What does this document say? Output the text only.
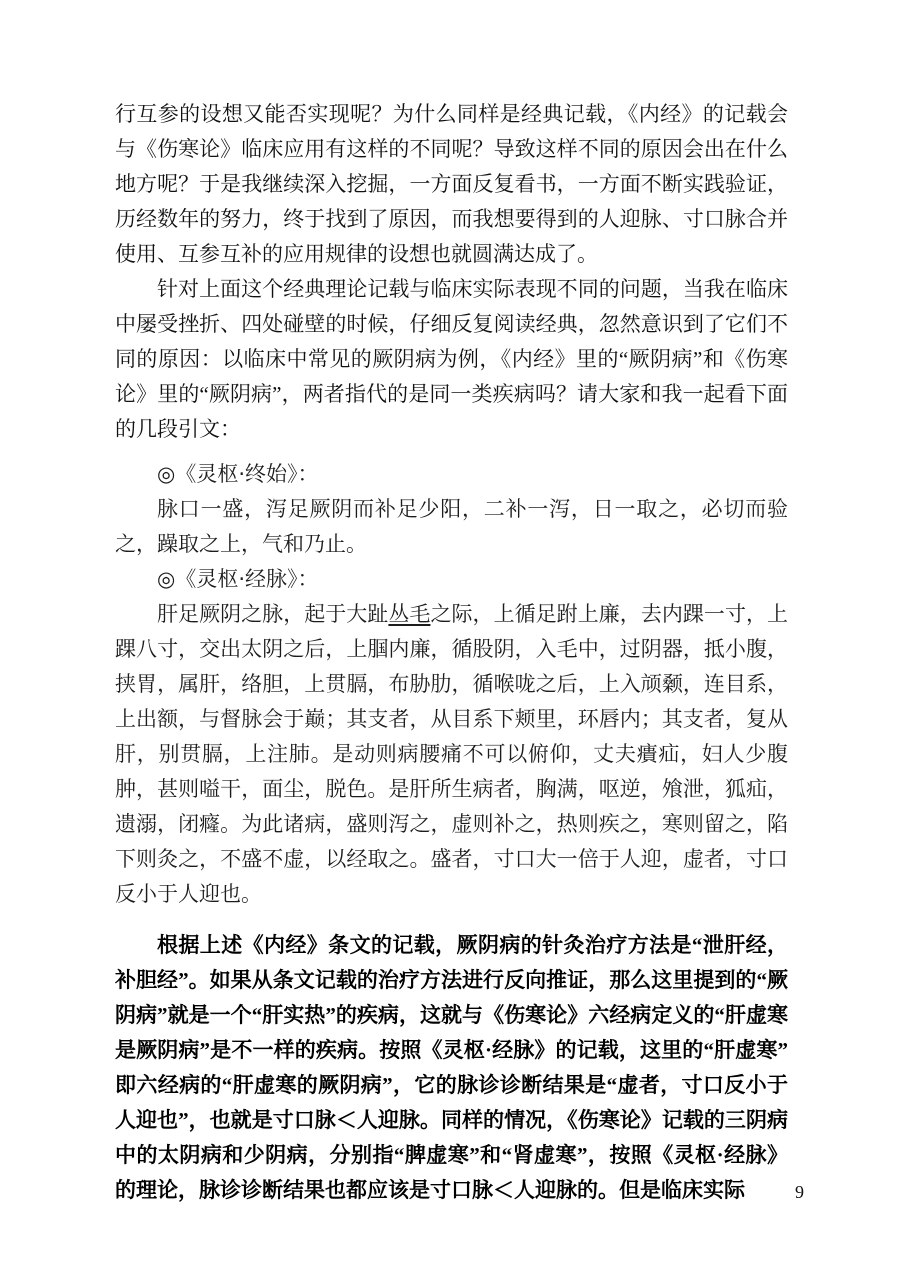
行互参的设想又能否实现呢？为什么同样是经典记载，《内经》的记载会与《伤寒论》临床应用有这样的不同呢？导致这样不同的原因会出在什么地方呢？于是我继续深入挖掘，一方面反复看书，一方面不断实践验证，历经数年的努力，终于找到了原因，而我想要得到的人迎脉、寸口脉合并使用、互参互补的应用规律的设想也就圆满达成了。

针对上面这个经典理论记载与临床实际表现不同的问题，当我在临床中屡受挫折、四处碰壁的时候，仔细反复阅读经典，忽然意识到了它们不同的原因：以临床中常见的厥阴病为例，《内经》里的“厥阴病”和《伤寒论》里的“厥阴病”，两者指代的是同一类疾病吗？请大家和我一起看下面的几段引文：

◎《灵枢·终始》：

脉口一盛，泻足厥阴而补足少阳，二补一泻，日一取之，必切而验之，躁取之上，气和乃止。

◎《灵枢·经脉》：

肝足厥阴之脉，起于大趾丛毛之际，上循足跗上廉，去内踝一寸，上踝八寸，交出太阴之后，上腘内廉，循股阴，入毛中，过阴器，抵小腹，挟胃，属肝，络胆，上贯膈，布胁肋，循喉咙之后，上入颃颡，连目系，上出额，与督脉会于巅；其支者，从目系下颊里，环唇内；其支者，复从肝，别贯膈，上注肺。是动则病腰痛不可以俯仰，丈夫㿉疝，妇人少腹肿，甚则嗌干，面尘，脱色。是肝所生病者，胸满，呕逆，飧泄，狐疝，遗溺，闭癃。为此诸病，盛则泻之，虚则补之，热则疾之，寒则留之，陷下则灸之，不盛不虚，以经取之。盛者，寸口大一倍于人迎，虚者，寸口反小于人迎也。

根据上述《内经》条文的记载，厥阴病的针灸治疗方法是“泄肝经，补胆经”。如果从条文记载的治疗方法进行反向推证，那么这里提到的“厥阴病”就是一个“肝实热”的疾病，这就与《伤寒论》六经病定义的“肝虚寒是厥阴病”是不一样的疾病。按照《灵枢·经脉》的记载，这里的“肝虚寒”即六经病的“肝虚寒的厥阴病”，它的脉诊诊断结果是“虚者，寸口反小于人迎也”，也就是寸口脉＜人迎脉。同样的情况，《伤寒论》记载的三阴病中的太阴病和少阴病，分别指“脾虚寒”和“肾虚寒”，按照《灵枢·经脉》的理论，脉诊诊断结果也都应该是寸口脉＜人迎脉的。但是临床实际	9
